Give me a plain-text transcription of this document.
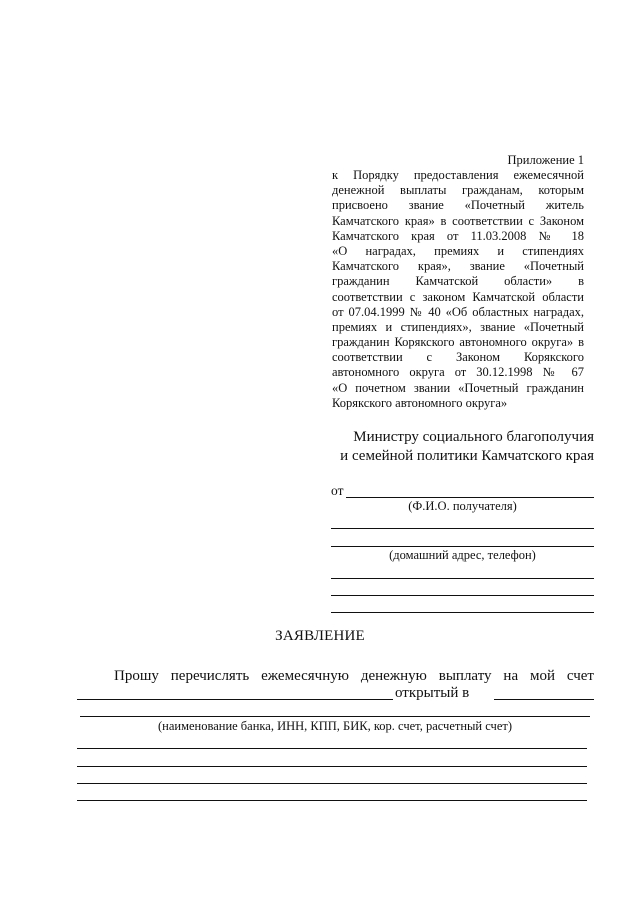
Приложение 1
к Порядку предоставления ежемесячной
денежной выплаты гражданам, которым
присвоено звание «Почетный житель
Камчатского края» в соответствии с Законом
Камчатского края от 11.03.2008 № 18
«О наградах, премиях и стипендиях
Камчатского края», звание «Почетный
гражданин Камчатской области» в
соответствии с законом Камчатской области
от 07.04.1999 № 40 «Об областных наградах,
премиях и стипендиях», звание «Почетный
гражданин Корякского автономного округа» в
соответствии с Законом Корякского
автономного округа от 30.12.1998 № 67
«О почетном звании «Почетный гражданин
Корякского автономного округа»
Министру социального благополучия
и семейной политики Камчатского края
от
(Ф.И.О. получателя)
(домашний адрес, телефон)
ЗАЯВЛЕНИЕ
Прошу перечислять ежемесячную денежную выплату на мой счет
открытый в
(наименование банка, ИНН, КПП, БИК, кор. счет, расчетный счет)
